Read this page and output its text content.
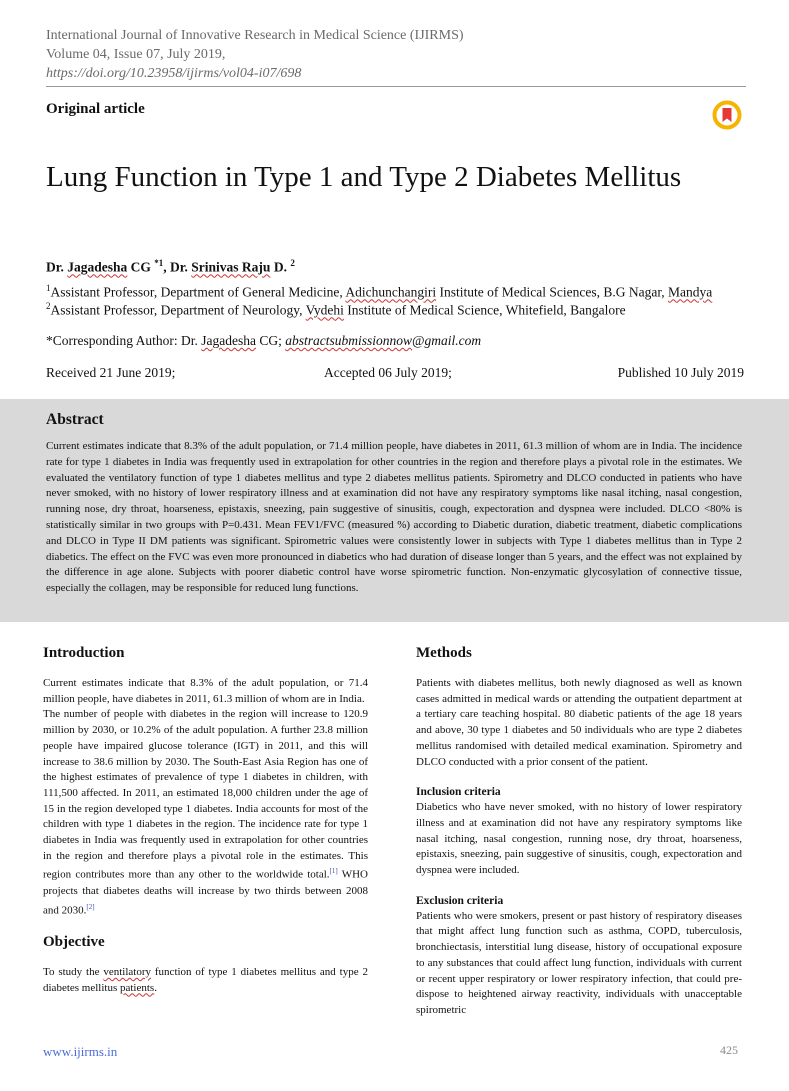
International Journal of Innovative Research in Medical Science (IJIRMS)
Volume 04, Issue 07, July 2019,
https://doi.org/10.23958/ijirms/vol04-i07/698
Original article
Lung Function in Type 1 and Type 2 Diabetes Mellitus
Dr. Jagadesha CG $^{*1}$, Dr. Srinivas Raju D. $^2$
$^1$Assistant Professor, Department of General Medicine, Adichunchangiri Institute of Medical Sciences, B.G Nagar, Mandya
$^2$Assistant Professor, Department of Neurology, Vydehi Institute of Medical Science, Whitefield, Bangalore
*Corresponding Author: Dr. Jagadesha CG; abstractsubmissionnow@gmail.com
Received 21 June 2019;	Accepted 06 July 2019;	Published 10 July 2019
Abstract

Current estimates indicate that 8.3% of the adult population, or 71.4 million people, have diabetes in 2011, 61.3 million of whom are in India. The incidence rate for type 1 diabetes in India was frequently used in extrapolation for other countries in the region and therefore plays a pivotal role in the estimates. We evaluated the ventilatory function of type 1 diabetes mellitus and type 2 diabetes mellitus patients. Spirometry and DLCO conducted in patients who have never smoked, with no history of lower respiratory illness and at examination did not have any respiratory symptoms like nasal itching, nasal congestion, running nose, dry throat, hoarseness, epistaxis, sneezing, pain suggestive of sinusitis, cough, expectoration and dyspnea were included. DLCO <80% is statistically similar in two groups with P=0.431. Mean FEV1/FVC (measured %) according to Diabetic duration, diabetic treatment, diabetic complications and DLCO in Type II DM patients was significant. Spirometric values were consistently lower in subjects with Type 1 diabetes mellitus than in Type 2 diabetics. The effect on the FVC was even more pronounced in diabetics who had duration of disease longer than 5 years, and the effect was not explained by the difference in age alone. Subjects with poorer diabetic control have worse spirometric function. Non-enzymatic glycosylation of connective tissue, especially the collagen, may be responsible for reduced lung functions.

Introduction

Current estimates indicate that 8.3% of the adult population, or 71.4 million people, have diabetes in 2011, 61.3 million of whom are in India.

The number of people with diabetes in the region will increase to 120.9 million by 2030, or 10.2% of the adult population. A further 23.8 million people have impaired glucose tolerance (IGT) in 2011, and this will increase to 38.6 million by 2030. The South-East Asia Region has one of the highest estimates of prevalence of type 1 diabetes in children, with 111,500 affected. In 2011, an estimated 18,000 children under the age of 15 in the region developed type 1 diabetes. India accounts for most of the children with type 1 diabetes in the region. The incidence rate for type 1 diabetes in India was frequently used in extrapolation for other countries in the region and therefore plays a pivotal role in the estimates. This region contributes more than any other to the worldwide total.[1] WHO projects that diabetes deaths will increase by two thirds between 2008 and 2030.[2]

Objective

To study the ventilatory function of type 1 diabetes mellitus and type 2 diabetes mellitus patients.

Methods

Patients with diabetes mellitus, both newly diagnosed as well as known cases admitted in medical wards or attending the outpatient department at a tertiary care teaching hospital. 80 diabetic patients of the age 18 years and above, 30 type 1 diabetes and 50 individuals who are type 2 diabetes mellitus randomised with detailed medical examination. Spirometry and DLCO conducted with a prior consent of the patient.

Inclusion criteria

Diabetics who have never smoked, with no history of lower respiratory illness and at examination did not have any respiratory symptoms like nasal itching, nasal congestion, running nose, dry throat, hoarseness, epistaxis, sneezing, pain suggestive of sinusitis, cough, expectoration and dyspnea were included.

Exclusion criteria

Patients who were smokers, present or past history of respiratory diseases that might affect lung function such as asthma, COPD, tuberculosis, bronchiectasis, interstitial lung disease, history of occupational exposure to any substances that could affect lung function, individuals with current or recent upper respiratory or lower respiratory infection, that could pre-dispose to heightened airway reactivity, individuals with unacceptable spirometric

www.ijirms.in	425
